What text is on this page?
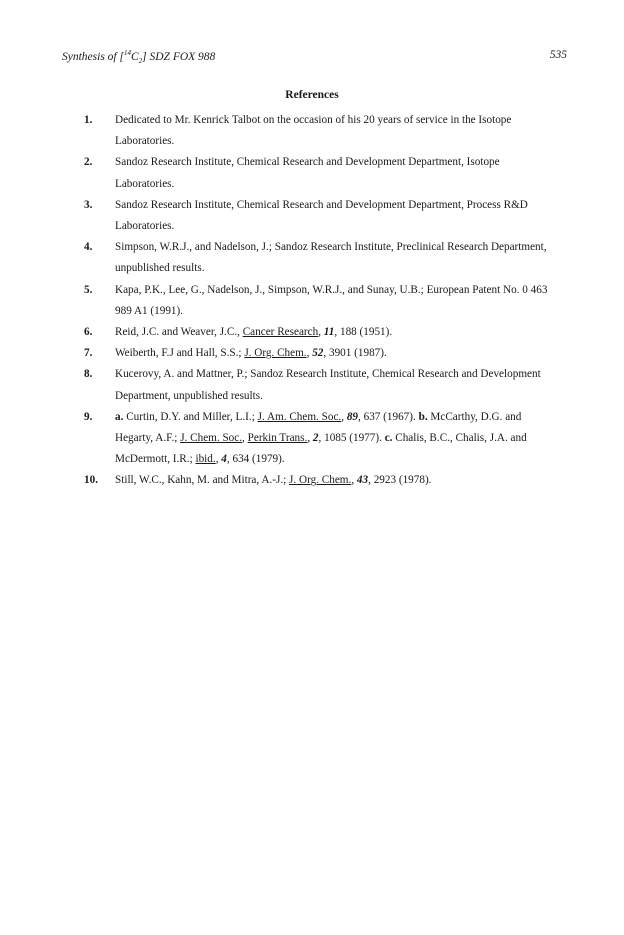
Synthesis of $[^{14}C_2]$ SDZ FOX 988	535
References
1.	Dedicated to Mr. Kenrick Talbot on the occasion of his 20 years of service in the Isotope Laboratories.
2.	Sandoz Research Institute, Chemical Research and Development Department, Isotope Laboratories.
3.	Sandoz Research Institute, Chemical Research and Development Department, Process R&D Laboratories.
4.	Simpson, W.R.J., and Nadelson, J.; Sandoz Research Institute, Preclinical Research Department, unpublished results.
5.	Kapa, P.K., Lee, G., Nadelson, J., Simpson, W.R.J., and Sunay, U.B.; European Patent No. 0 463 989 A1 (1991).
6.	Reid, J.C. and Weaver, J.C., Cancer Research, 11, 188 (1951).
7.	Weiberth, F.J and Hall, S.S.; J. Org. Chem., 52, 3901 (1987).
8.	Kucerovy, A. and Mattner, P.; Sandoz Research Institute, Chemical Research and Development Department, unpublished results.
9.	a. Curtin, D.Y. and Miller, L.I.; J. Am. Chem. Soc., 89, 637 (1967). b. McCarthy, D.G. and Hegarty, A.F.; J. Chem. Soc., Perkin Trans., 2, 1085 (1977). c. Chalis, B.C., Chalis, J.A. and McDermott, I.R.; ibid., 4, 634 (1979).
10.	Still, W.C., Kahn, M. and Mitra, A.-J.; J. Org. Chem., 43, 2923 (1978).
